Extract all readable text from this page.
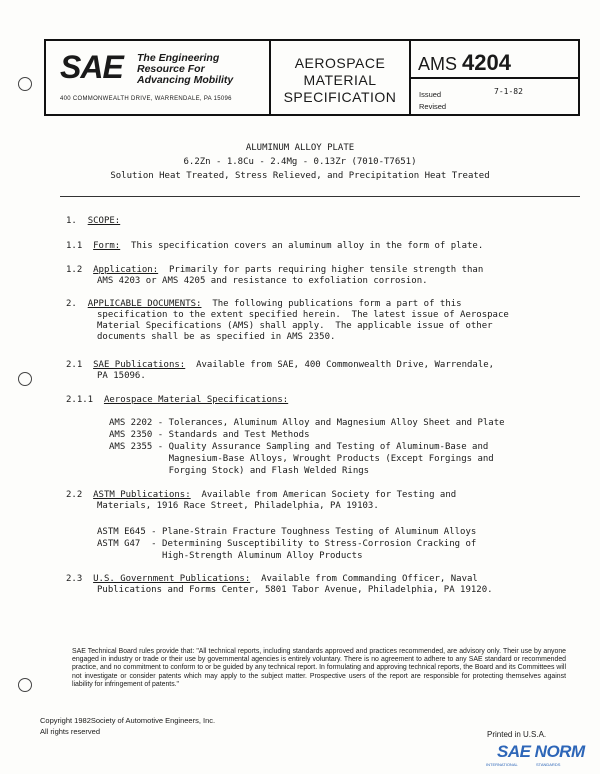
SAE The Engineering
Resource For
Advancing Mobility
400 COMMONWEALTH DRIVE, WARRENDALE, PA 15096
AEROSPACE
MATERIAL
SPECIFICATION
AMS 4204
Issued	7-1-82
Revised
ALUMINUM ALLOY PLATE
6.2Zn - 1.8Cu - 2.4Mg - 0.13Zr (7010-T7651)
Solution Heat Treated, Stress Relieved, and Precipitation Heat Treated
1. SCOPE:
1.1 Form: This specification covers an aluminum alloy in the form of plate.
1.2 Application: Primarily for parts requiring higher tensile strength than
AMS 4203 or AMS 4205 and resistance to exfoliation corrosion.
2. APPLICABLE DOCUMENTS: The following publications form a part of this
specification to the extent specified herein.  The latest issue of Aerospace
Material Specifications (AMS) shall apply.  The applicable issue of other
documents shall be as specified in AMS 2350.
2.1 SAE Publications: Available from SAE, 400 Commonwealth Drive, Warrendale,
PA 15096.
2.1.1 Aerospace Material Specifications:
AMS 2202 - Tolerances, Aluminum Alloy and Magnesium Alloy Sheet and Plate
AMS 2350 - Standards and Test Methods
AMS 2355 - Quality Assurance Sampling and Testing of Aluminum-Base and
Magnesium-Base Alloys, Wrought Products (Except Forgings and
Forging Stock) and Flash Welded Rings
2.2 ASTM Publications: Available from American Society for Testing and
Materials, 1916 Race Street, Philadelphia, PA 19103.
ASTM E645 - Plane-Strain Fracture Toughness Testing of Aluminum Alloys
ASTM G47  - Determining Susceptibility to Stress-Corrosion Cracking of
High-Strength Aluminum Alloy Products
2.3 U.S. Government Publications: Available from Commanding Officer, Naval
Publications and Forms Center, 5801 Tabor Avenue, Philadelphia, PA 19120.
SAE Technical Board rules provide that: "All technical reports, including standards approved and practices recommended, are advisory only. Their use by anyone engaged in industry or trade or their use by governmental agencies is entirely voluntary. There is no agreement to adhere to any SAE standard or recommended practice, and no commitment to conform to or be guided by any technical report. In formulating and approving technical reports, the Board and its Committees will not investigate or consider patents which may apply to the subject matter. Prospective users of the report are responsible for protecting themselves against liability for infringement of patents."
Copyright 1982Society of Automotive Engineers, Inc.
All rights reserved	Printed in U.S.A.
SAE NORM
INTERNATIONAL	STANDARDS
